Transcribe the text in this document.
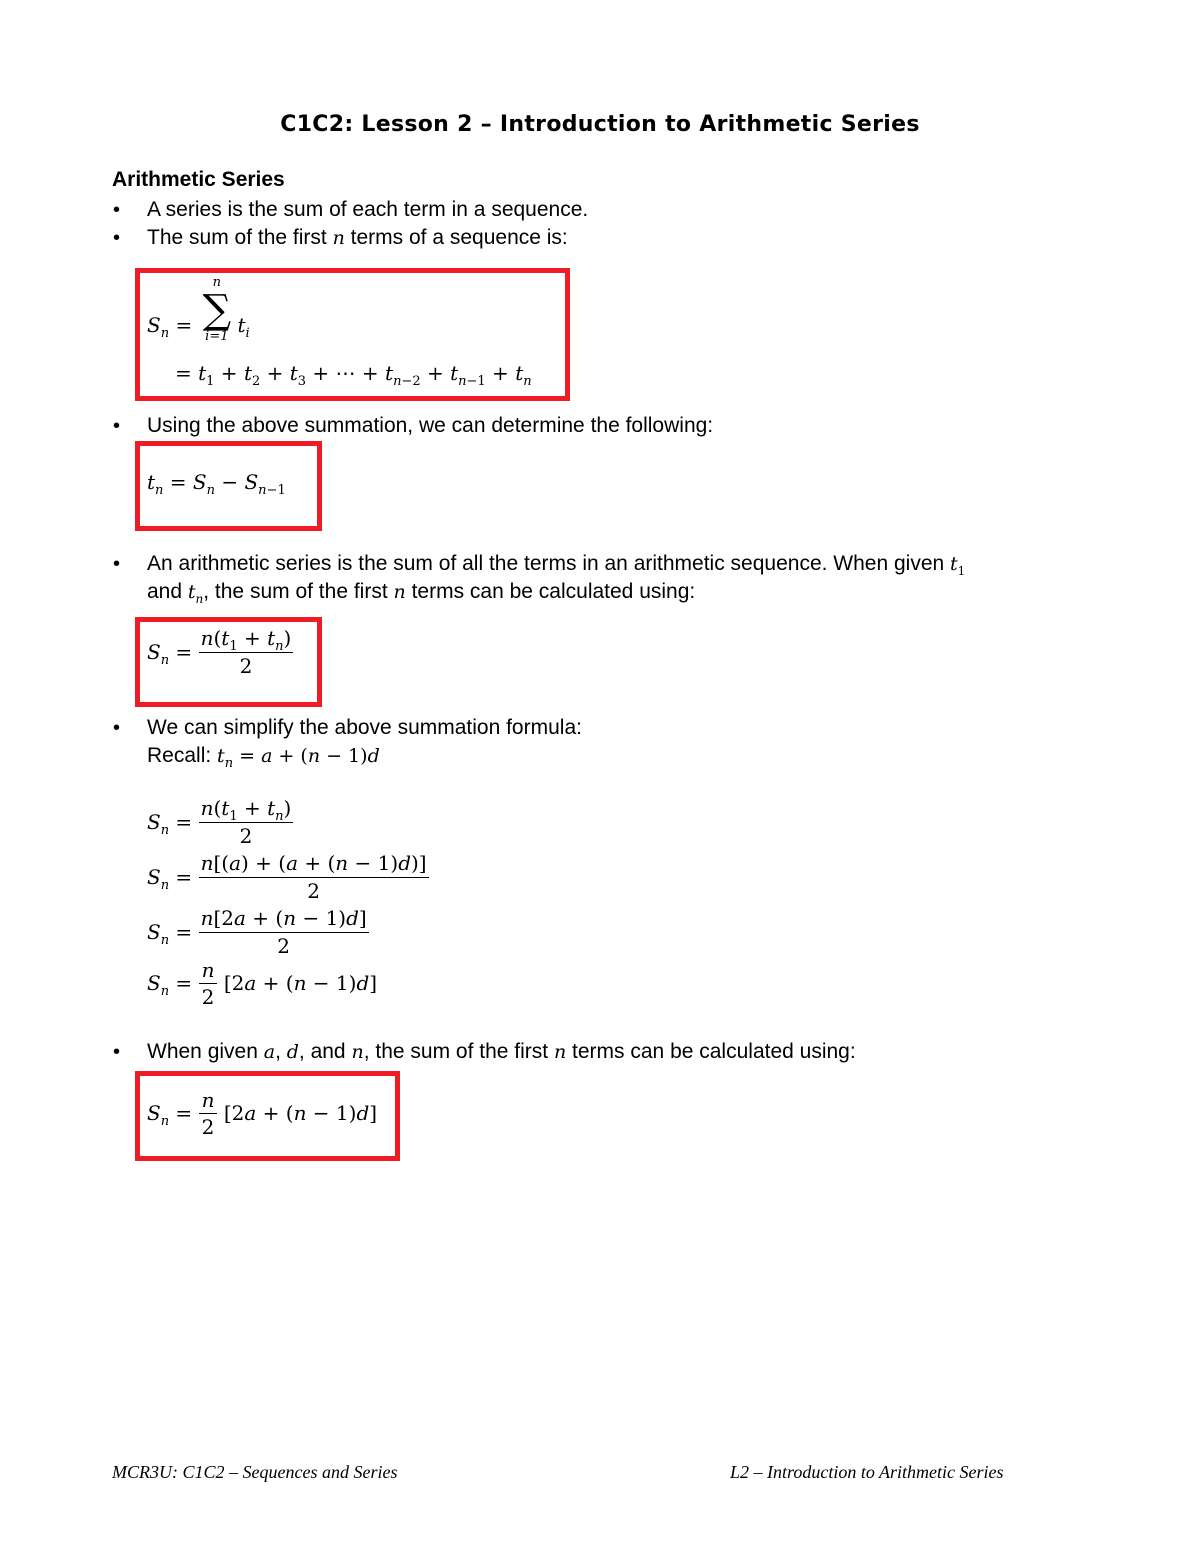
C1C2: Lesson 2 – Introduction to Arithmetic Series
Arithmetic Series
•
A series is the sum of each term in a sequence.
•
The sum of the first n terms of a sequence is:
$S_n$ =
n
∑
i=1 $t_i$
= $t_1 + t_2 + t_3$ + ⋯ + $t_{n-2} + t_{n-1} + t_n$
•
Using the above summation, we can determine the following:
$t_n = S_n - S_{n-1}$
•
An arithmetic series is the sum of all the terms in an arithmetic sequence. When given $t_1$
and $t_n$, the sum of the first n terms can be calculated using:
$S_n = \frac{n(t_1 + t_n)}{2}$
•
We can simplify the above summation formula:
Recall: $t_n = a + (n - 1)d$
$S_n = \frac{n(t_1 + t_n)}{2}$
$S_n = \frac{n[(a) + (a + (n - 1)d)]}{2}$
$S_n = \frac{n[2a + (n - 1)d]}{2}$
$S_n = \frac{n}{2} [2a + (n - 1)d]$
•
When given a, d, and n, the sum of the first n terms can be calculated using:
$S_n = \frac{n}{2} [2a + (n - 1)d]$
MCR3U: C1C2 – Sequences and Series	L2 – Introduction to Arithmetic Series
